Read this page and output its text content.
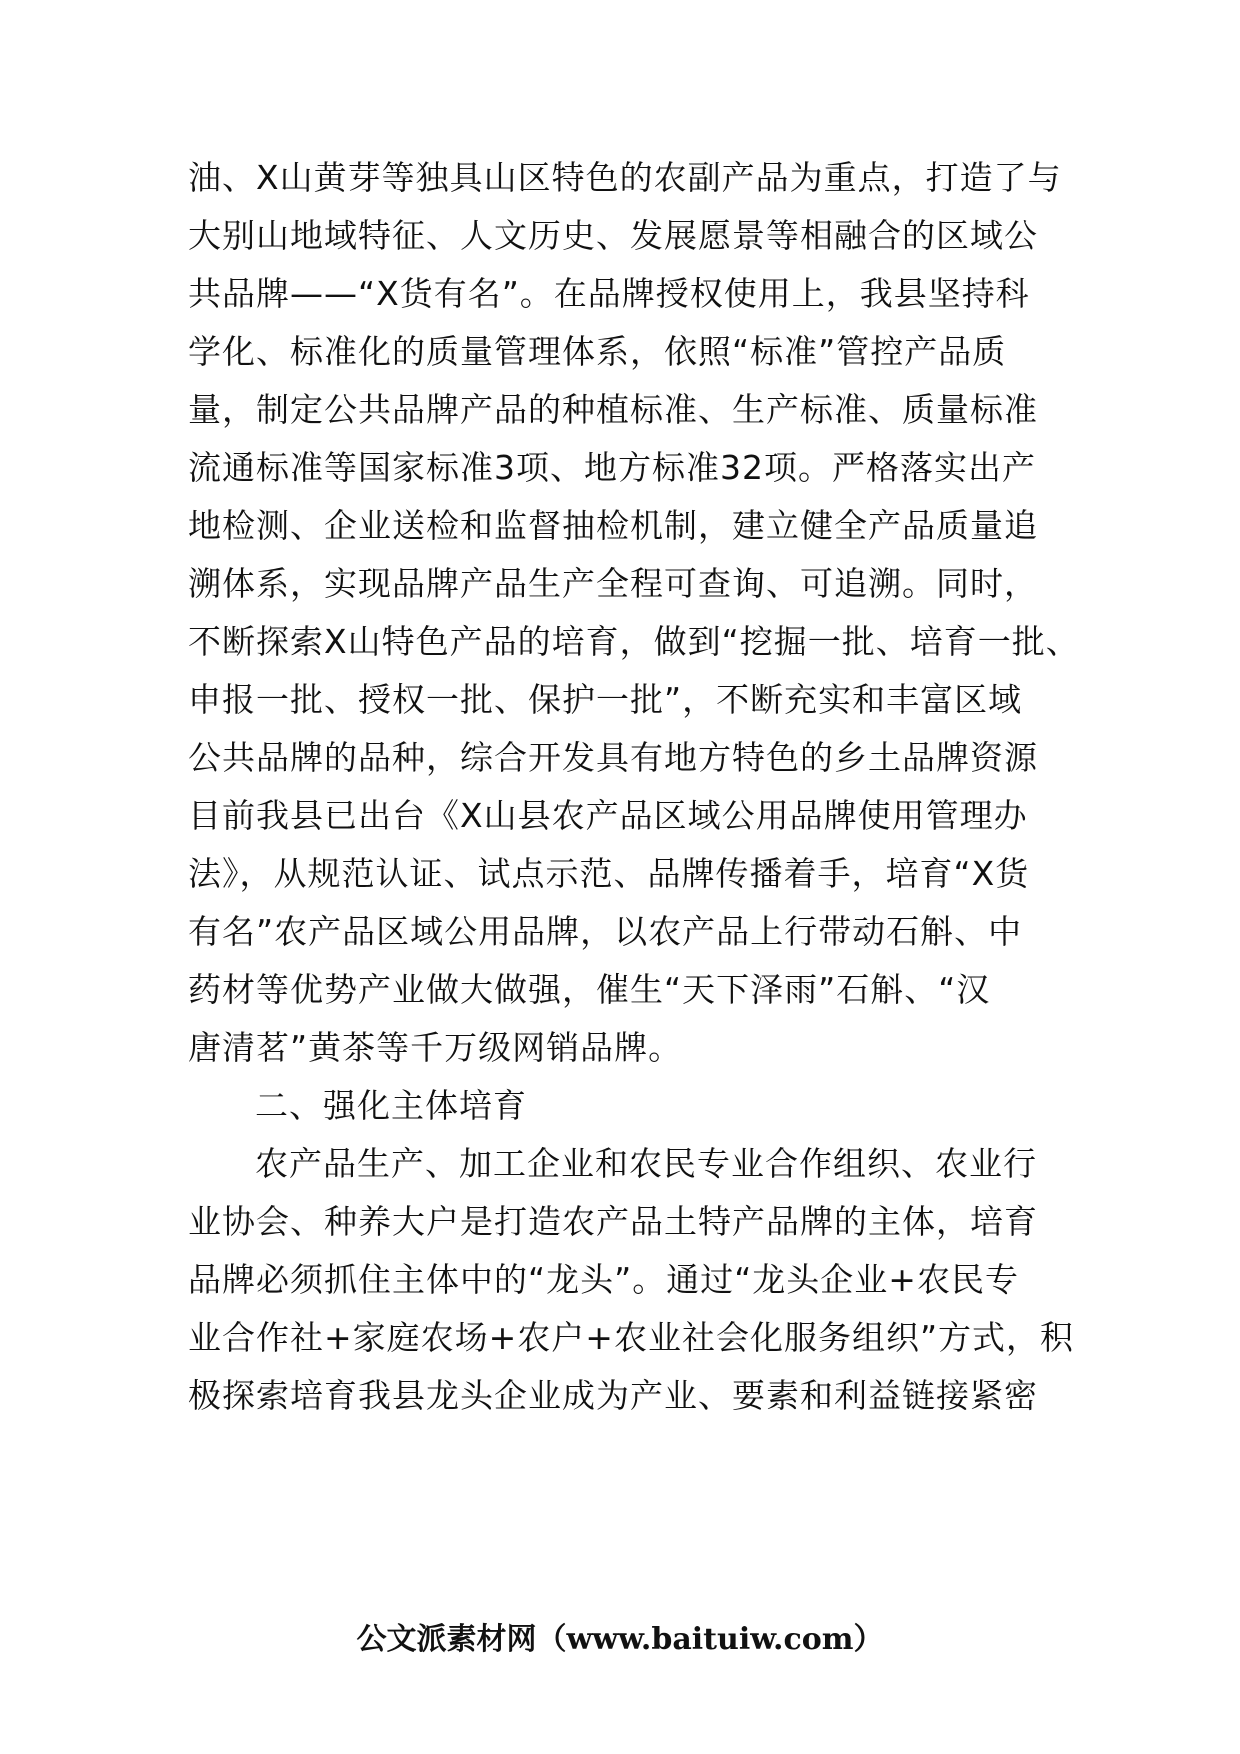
油、X山黄芽等独具山区特色的农副产品为重点，打造了与
大别山地域特征、人文历史、发展愿景等相融合的区域公
共品牌——“X货有名”。在品牌授权使用上，我县坚持科
学化、标准化的质量管理体系，依照“标准”管控产品质
量，制定公共品牌产品的种植标准、生产标准、质量标准
流通标准等国家标准3项、地方标准32项。严格落实出产
地检测、企业送检和监督抽检机制，建立健全产品质量追
溯体系，实现品牌产品生产全程可查询、可追溯。同时，
不断探索X山特色产品的培育，做到“挖掘一批、培育一批、
申报一批、授权一批、保护一批”，不断充实和丰富区域
公共品牌的品种，综合开发具有地方特色的乡土品牌资源
目前我县已出台《X山县农产品区域公用品牌使用管理办
法》，从规范认证、试点示范、品牌传播着手，培育“X货
有名”农产品区域公用品牌，以农产品上行带动石斛、中
药材等优势产业做大做强，催生“天下泽雨”石斛、“汉
唐清茗”黄茶等千万级网销品牌。
二、强化主体培育
农产品生产、加工企业和农民专业合作组织、农业行
业协会、种养大户是打造农产品土特产品牌的主体，培育
品牌必须抓住主体中的“龙头”。通过“龙头企业+农民专
业合作社+家庭农场+农户+农业社会化服务组织”方式，积
极探索培育我县龙头企业成为产业、要素和利益链接紧密
公文派素材网（www.baituiw.com）
